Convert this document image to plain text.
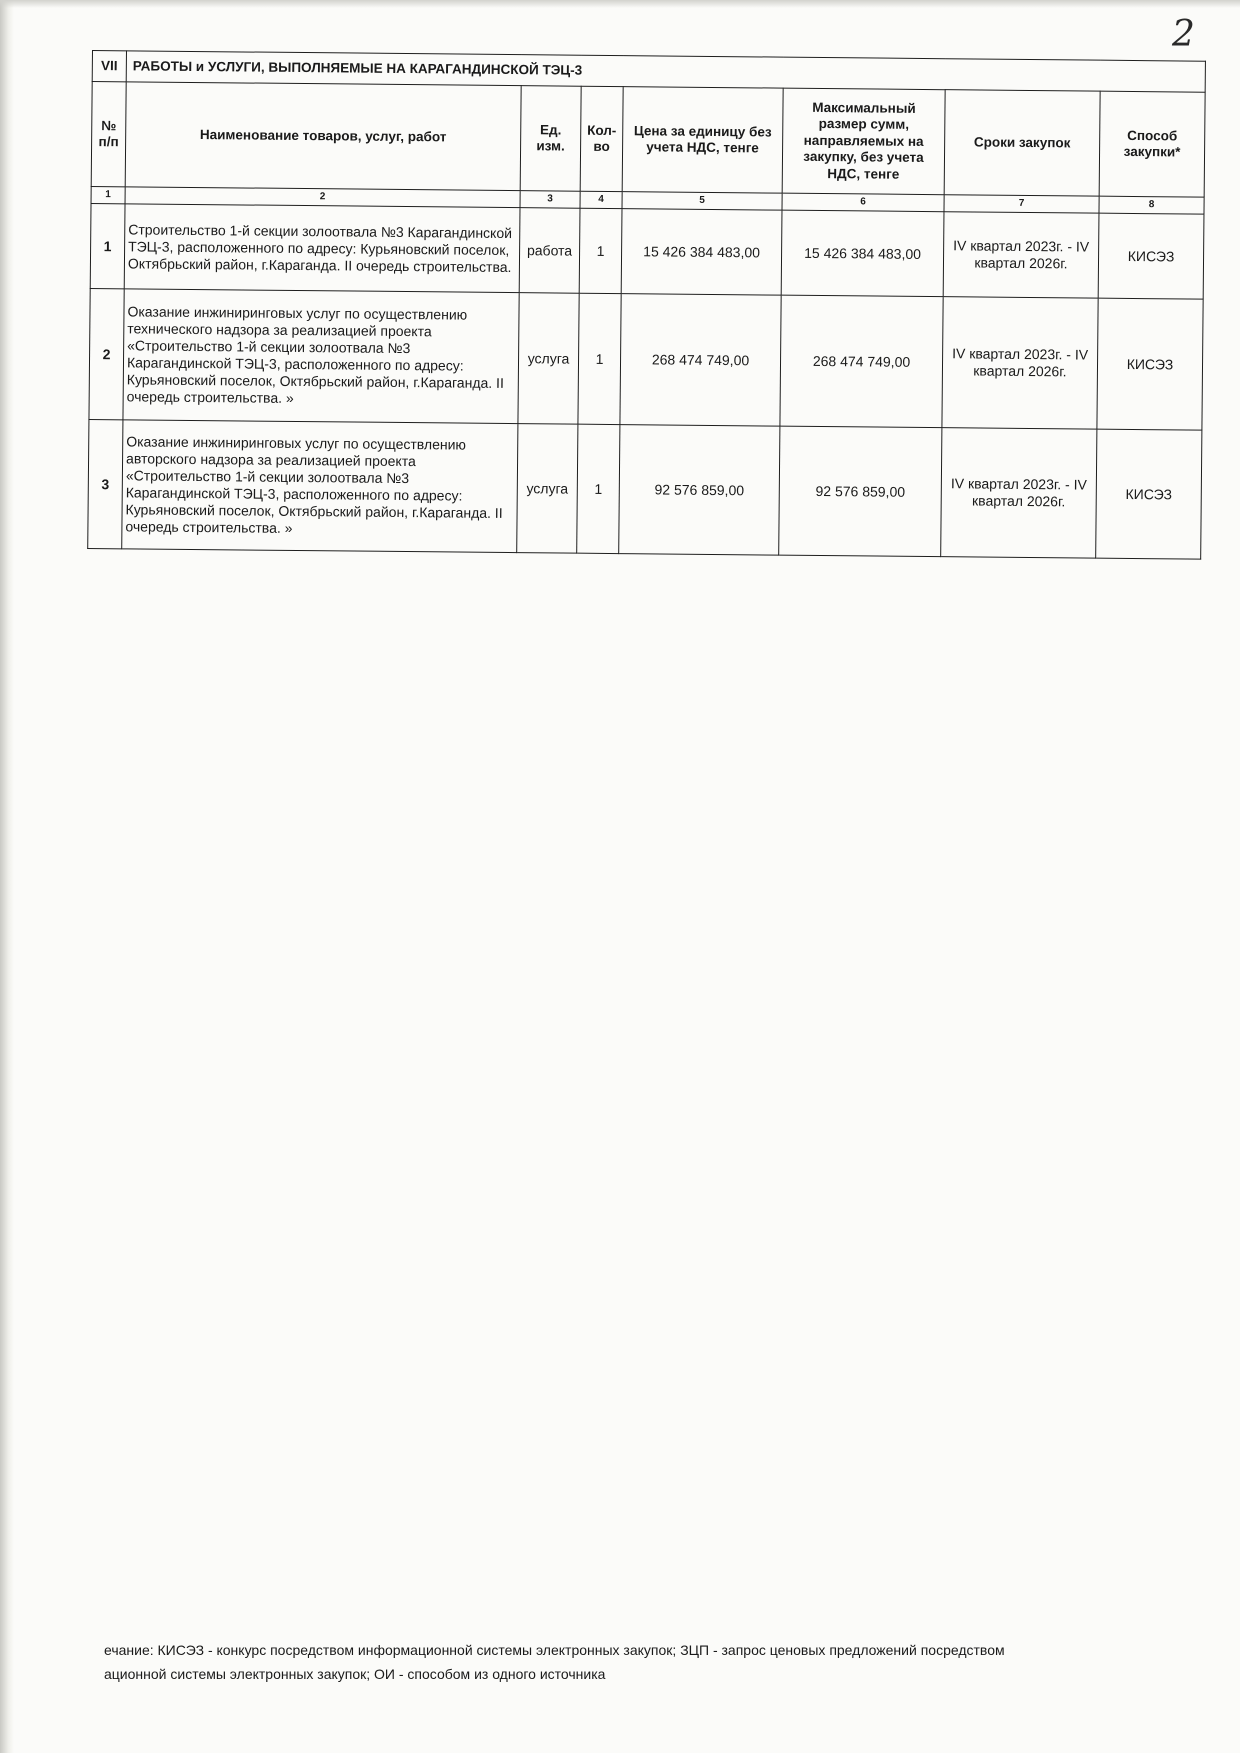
2
VII	РАБОТЫ и УСЛУГИ, ВЫПОЛНЯЕМЫЕ НА КАРАГАНДИНСКОЙ ТЭЦ-3						
№ п/п	Наименование товаров, услуг, работ	Ед. изм.	Кол-во	Цена за единицу без учета НДС, тенге	Максимальный размер сумм, направляемых на закупку, без учета НДС, тенге	Сроки закупок	Способ закупки*
1	2	3	4	5	6	7	8
1	Строительство 1-й секции золоотвала №3 Карагандинской ТЭЦ-3, расположенного по адресу: Курьяновский поселок, Октябрьский район, г.Караганда. II очередь строительства.	работа	1	15 426 384 483,00	15 426 384 483,00	IV квартал 2023г. - IV квартал 2026г.	КИСЭЗ
2	Оказание инжиниринговых услуг по осуществлению технического надзора за реализацией проекта «Строительство 1-й секции золоотвала №3 Карагандинской ТЭЦ-3, расположенного по адресу: Курьяновский поселок, Октябрьский район, г.Караганда. II очередь строительства. »	услуга	1	268 474 749,00	268 474 749,00	IV квартал 2023г. - IV квартал 2026г.	КИСЭЗ
3	Оказание инжиниринговых услуг по осуществлению авторского надзора за реализацией проекта «Строительство 1-й секции золоотвала №3 Карагандинской ТЭЦ-3, расположенного по адресу: Курьяновский поселок, Октябрьский район, г.Караганда. II очередь строительства. »	услуга	1	92 576 859,00	92 576 859,00	IV квартал 2023г. - IV квартал 2026г.	КИСЭЗ
ечание: КИСЭЗ - конкурс посредством информационной системы электронных закупок; ЗЦП - запрос ценовых предложений посредством
ационной системы электронных закупок; ОИ - способом из одного источника
